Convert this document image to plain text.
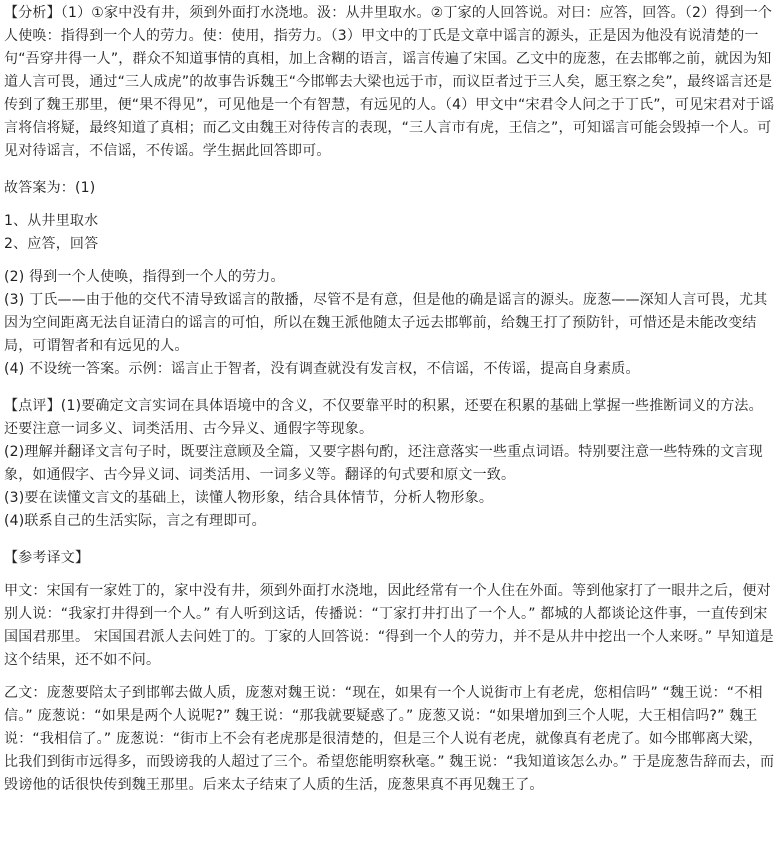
【分析】（1）①家中没有井，须到外面打水浇地。汲：从井里取水。②丁家的人回答说。对曰：应答，回答。（2）得到一个人使唤：指得到一个人的劳力。使：使用，指劳力。（3）甲文中的丁氏是文章中谣言的源头，正是因为他没有说清楚的一句“吾穿井得一人”，群众不知道事情的真相，加上含糊的语言，谣言传遍了宋国。乙文中的庞葱，在去邯郸之前，就因为知道人言可畏，通过“三人成虎”的故事告诉魏王“今邯郸去大梁也远于市，而议臣者过于三人矣，愿王察之矣”，最终谣言还是传到了魏王那里，便“果不得见”，可见他是一个有智慧，有远见的人。（4）甲文中“宋君令人问之于丁氏”，可见宋君对于谣言将信将疑，最终知道了真相；而乙文由魏王对待传言的表现，“三人言市有虎，王信之”，可知谣言可能会毁掉一个人。可见对待谣言，不信谣，不传谣。学生据此回答即可。

故答案为：(1)

1、从井里取水

2、应答，回答

(2) 得到一个人使唤，指得到一个人的劳力。

(3) 丁氏——由于他的交代不清导致谣言的散播，尽管不是有意，但是他的确是谣言的源头。庞葱——深知人言可畏，尤其因为空间距离无法自证清白的谣言的可怕，所以在魏王派他随太子远去邯郸前，给魏王打了预防针，可惜还是未能改变结局，可谓智者和有远见的人。

(4) 不设统一答案。示例：谣言止于智者，没有调查就没有发言权，不信谣，不传谣，提高自身素质。

【点评】(1)要确定文言实词在具体语境中的含义，不仅要靠平时的积累，还要在积累的基础上掌握一些推断词义的方法。还要注意一词多义、词类活用、古今异义、通假字等现象。

(2)理解并翻译文言句子时，既要注意顾及全篇，又要字斟句酌，还注意落实一些重点词语。特别要注意一些特殊的文言现象，如通假字、古今异义词、词类活用、一词多义等。翻译的句式要和原文一致。

(3)要在读懂文言文的基础上，读懂人物形象，结合具体情节，分析人物形象。

(4)联系自己的生活实际，言之有理即可。

【参考译文】

甲文：宋国有一家姓丁的，家中没有井，须到外面打水浇地，因此经常有一个人住在外面。等到他家打了一眼井之后，便对别人说：“我家打井得到一个人。” 有人听到这话，传播说：“丁家打井打出了一个人。” 都城的人都谈论这件事，一直传到宋国国君那里。 宋国国君派人去问姓丁的。丁家的人回答说：“得到一个人的劳力，并不是从井中挖出一个人来呀。” 早知道是这个结果，还不如不问。

乙文：庞葱要陪太子到邯郸去做人质，庞葱对魏王说：“现在，如果有一个人说街市上有老虎，您相信吗” “魏王说：“不相信。” 庞葱说：“如果是两个人说呢?” 魏王说：“那我就要疑惑了。” 庞葱又说：“如果增加到三个人呢，大王相信吗?” 魏王说：“我相信了。” 庞葱说：“街市上不会有老虎那是很清楚的，但是三个人说有老虎，就像真有老虎了。如今邯郸离大梁，比我们到街市远得多，而毁谤我的人超过了三个。希望您能明察秋毫。” 魏王说：“我知道该怎么办。” 于是庞葱告辞而去，而毁谤他的话很快传到魏王那里。后来太子结束了人质的生活，庞葱果真不再见魏王了。
